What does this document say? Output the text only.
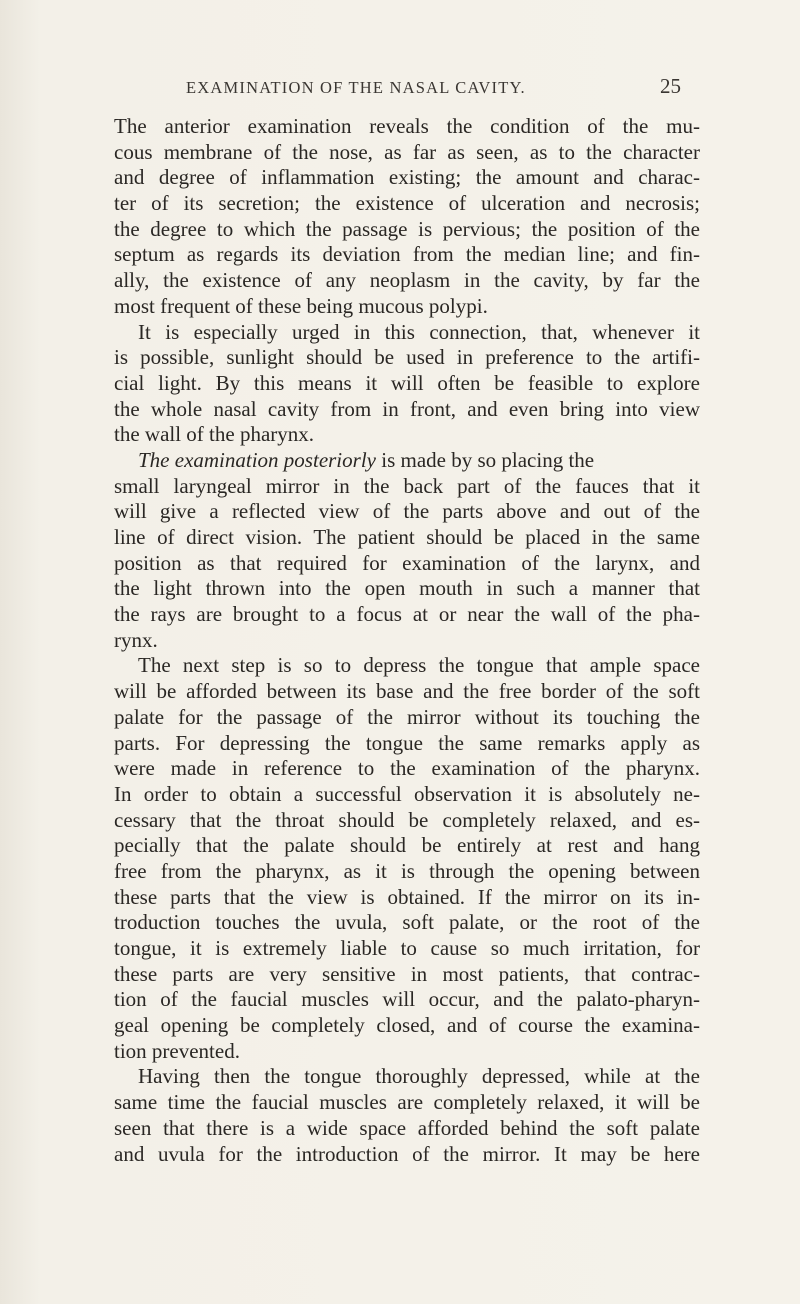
EXAMINATION OF THE NASAL CAVITY.	25
The anterior examination reveals the condition of the mu-
cous membrane of the nose, as far as seen, as to the character
and degree of inflammation existing; the amount and charac-
ter of its secretion; the existence of ulceration and necrosis;
the degree to which the passage is pervious; the position of the
septum as regards its deviation from the median line; and fin-
ally, the existence of any neoplasm in the cavity, by far the
most frequent of these being mucous polypi.
It is especially urged in this connection, that, whenever it
is possible, sunlight should be used in preference to the artifi-
cial light. By this means it will often be feasible to explore
the whole nasal cavity from in front, and even bring into view
the wall of the pharynx.
The examination posteriorly is made by so placing the
small laryngeal mirror in the back part of the fauces that it
will give a reflected view of the parts above and out of the
line of direct vision. The patient should be placed in the same
position as that required for examination of the larynx, and
the light thrown into the open mouth in such a manner that
the rays are brought to a focus at or near the wall of the pha-
rynx.
The next step is so to depress the tongue that ample space
will be afforded between its base and the free border of the soft
palate for the passage of the mirror without its touching the
parts. For depressing the tongue the same remarks apply as
were made in reference to the examination of the pharynx.
In order to obtain a successful observation it is absolutely ne-
cessary that the throat should be completely relaxed, and es-
pecially that the palate should be entirely at rest and hang
free from the pharynx, as it is through the opening between
these parts that the view is obtained. If the mirror on its in-
troduction touches the uvula, soft palate, or the root of the
tongue, it is extremely liable to cause so much irritation, for
these parts are very sensitive in most patients, that contrac-
tion of the faucial muscles will occur, and the palato-pharyn-
geal opening be completely closed, and of course the examina-
tion prevented.
Having then the tongue thoroughly depressed, while at the
same time the faucial muscles are completely relaxed, it will be
seen that there is a wide space afforded behind the soft palate
and uvula for the introduction of the mirror. It may be here
